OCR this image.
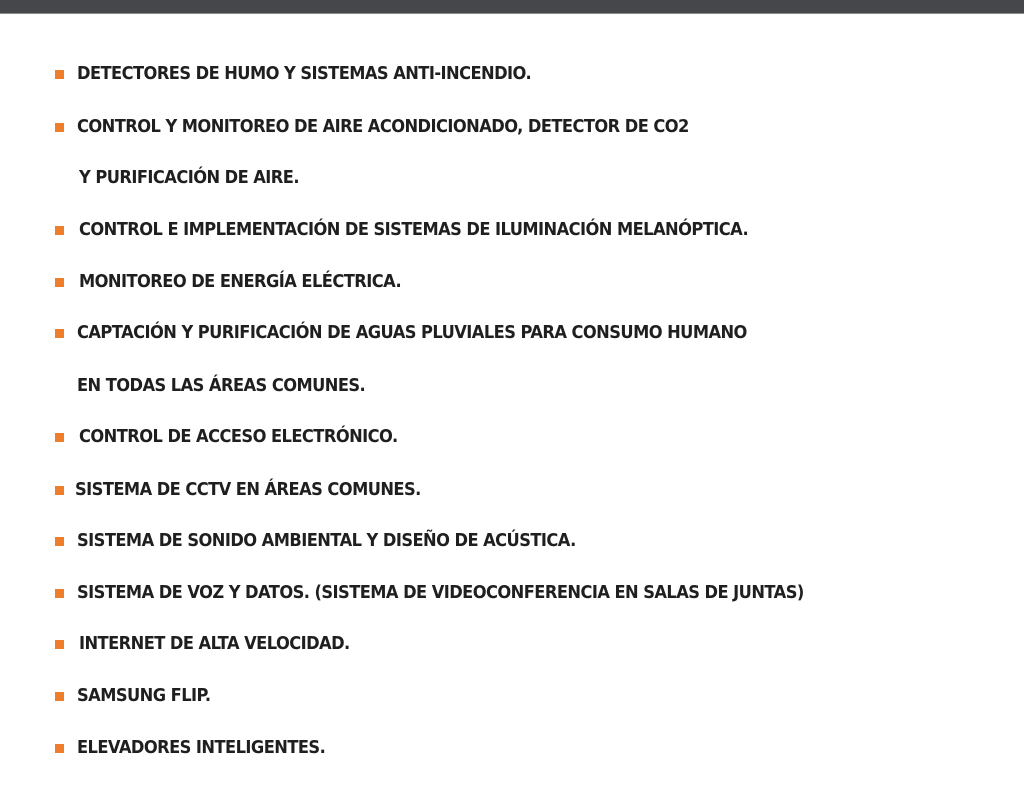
DETECTORES DE HUMO Y SISTEMAS ANTI-INCENDIO.
CONTROL Y MONITOREO DE AIRE ACONDICIONADO, DETECTOR DE CO2
Y PURIFICACIÓN DE AIRE.
CONTROL E IMPLEMENTACIÓN DE SISTEMAS DE ILUMINACIÓN MELANÓPTICA.
MONITOREO DE ENERGÍA ELÉCTRICA.
CAPTACIÓN Y PURIFICACIÓN DE AGUAS PLUVIALES PARA CONSUMO HUMANO
EN TODAS LAS ÁREAS COMUNES.
CONTROL DE ACCESO ELECTRÓNICO.
SISTEMA DE CCTV EN ÁREAS COMUNES.
SISTEMA DE SONIDO AMBIENTAL Y DISEÑO DE ACÚSTICA.
SISTEMA DE VOZ Y DATOS. (SISTEMA DE VIDEOCONFERENCIA EN SALAS DE JUNTAS)
INTERNET DE ALTA VELOCIDAD.
SAMSUNG FLIP.
ELEVADORES INTELIGENTES.
